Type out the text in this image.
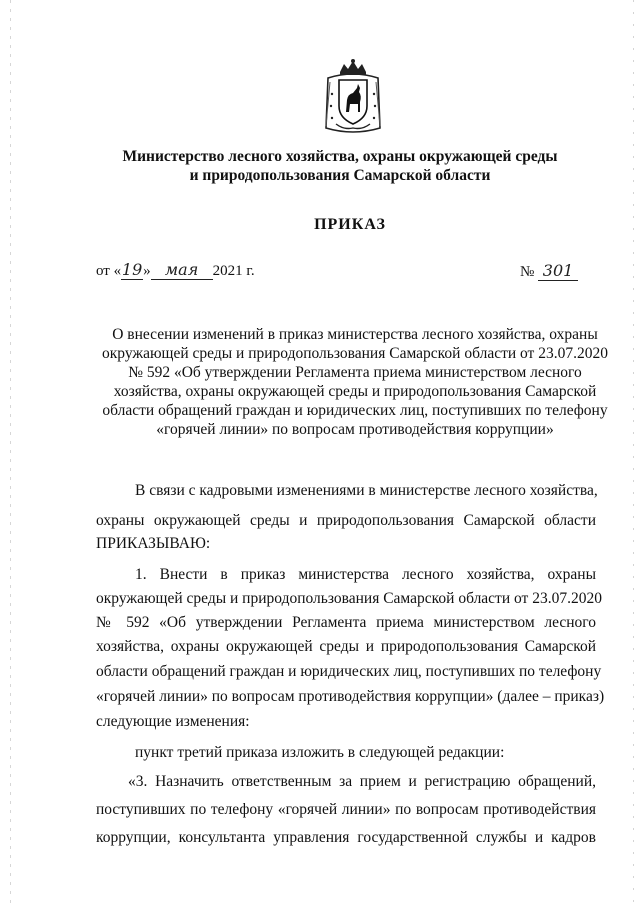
Министерство лесного хозяйства, охраны окружающей среды
и природопользования Самарской области
ПРИКАЗ
от «19» мая 2021 г.	№ 301
О внесении изменений в приказ министерства лесного хозяйства, охраны
окружающей среды и природопользования Самарской области от 23.07.2020
№ 592 «Об утверждении Регламента приема министерством лесного
хозяйства, охраны окружающей среды и природопользования Самарской
области обращений граждан и юридических лиц, поступивших по телефону
«горячей линии» по вопросам противодействия коррупции»
В связи с кадровыми изменениями в министерстве лесного хозяйства,
охраны окружающей среды и природопользования Самарской области
ПРИКАЗЫВАЮ:
1. Внести в приказ министерства лесного хозяйства, охраны
окружающей среды и природопользования Самарской области от 23.07.2020
№ 592 «Об утверждении Регламента приема министерством лесного
хозяйства, охраны окружающей среды и природопользования Самарской
области обращений граждан и юридических лиц, поступивших по телефону
«горячей линии» по вопросам противодействия коррупции» (далее – приказ)
следующие изменения:
пункт третий приказа изложить в следующей редакции:
«3. Назначить ответственным за прием и регистрацию обращений,
поступивших по телефону «горячей линии» по вопросам противодействия
коррупции, консультанта управления государственной службы и кадров
